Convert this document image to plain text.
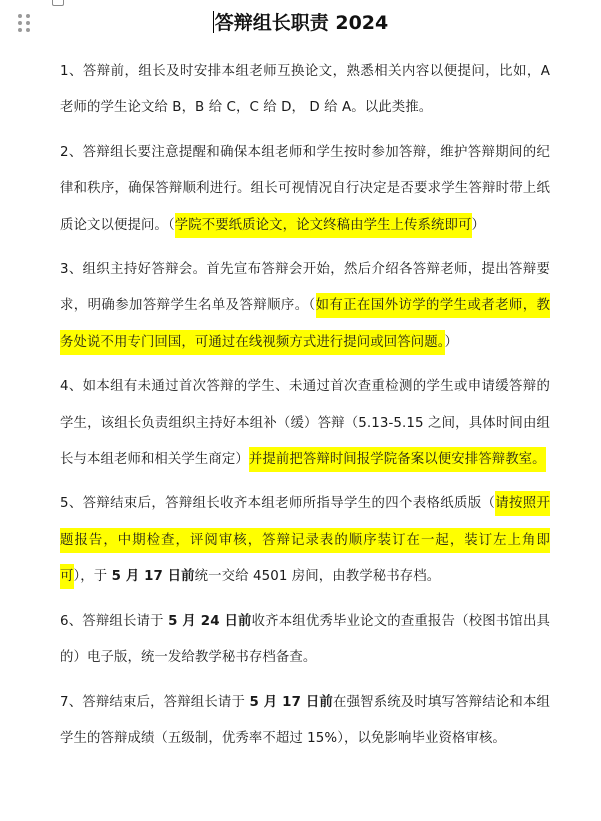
答辩组长职责 2024

1、答辩前，组长及时安排本组老师互换论文，熟悉相关内容以便提问，比如，A 老师的学生论文给 B，B 给 C，C 给 D， D 给 A。以此类推。

2、答辩组长要注意提醒和确保本组老师和学生按时参加答辩，维护答辩期间的纪律和秩序，确保答辩顺利进行。组长可视情况自行决定是否要求学生答辩时带上纸质论文以便提问。（学院不要纸质论文，论文终稿由学生上传系统即可）

3、组织主持好答辩会。首先宣布答辩会开始，然后介绍各答辩老师，提出答辩要求，明确参加答辩学生名单及答辩顺序。（如有正在国外访学的学生或者老师，教务处说不用专门回国，可通过在线视频方式进行提问或回答问题。）

4、如本组有未通过首次答辩的学生、未通过首次查重检测的学生或申请缓答辩的学生，该组长负责组织主持好本组补（缓）答辩（5.13-5.15 之间，具体时间由组长与本组老师和相关学生商定）并提前把答辩时间报学院备案以便安排答辩教室。

5、答辩结束后，答辩组长收齐本组老师所指导学生的四个表格纸质版（请按照开题报告，中期检查，评阅审核，答辩记录表的顺序装订在一起，装订左上角即可），于 5 月 17 日前统一交给 4501 房间，由教学秘书存档。

6、答辩组长请于 5 月 24 日前收齐本组优秀毕业论文的查重报告（校图书馆出具的）电子版，统一发给教学秘书存档备查。

7、答辩结束后，答辩组长请于 5 月 17 日前在强智系统及时填写答辩结论和本组学生的答辩成绩（五级制，优秀率不超过 15%），以免影响毕业资格审核。
